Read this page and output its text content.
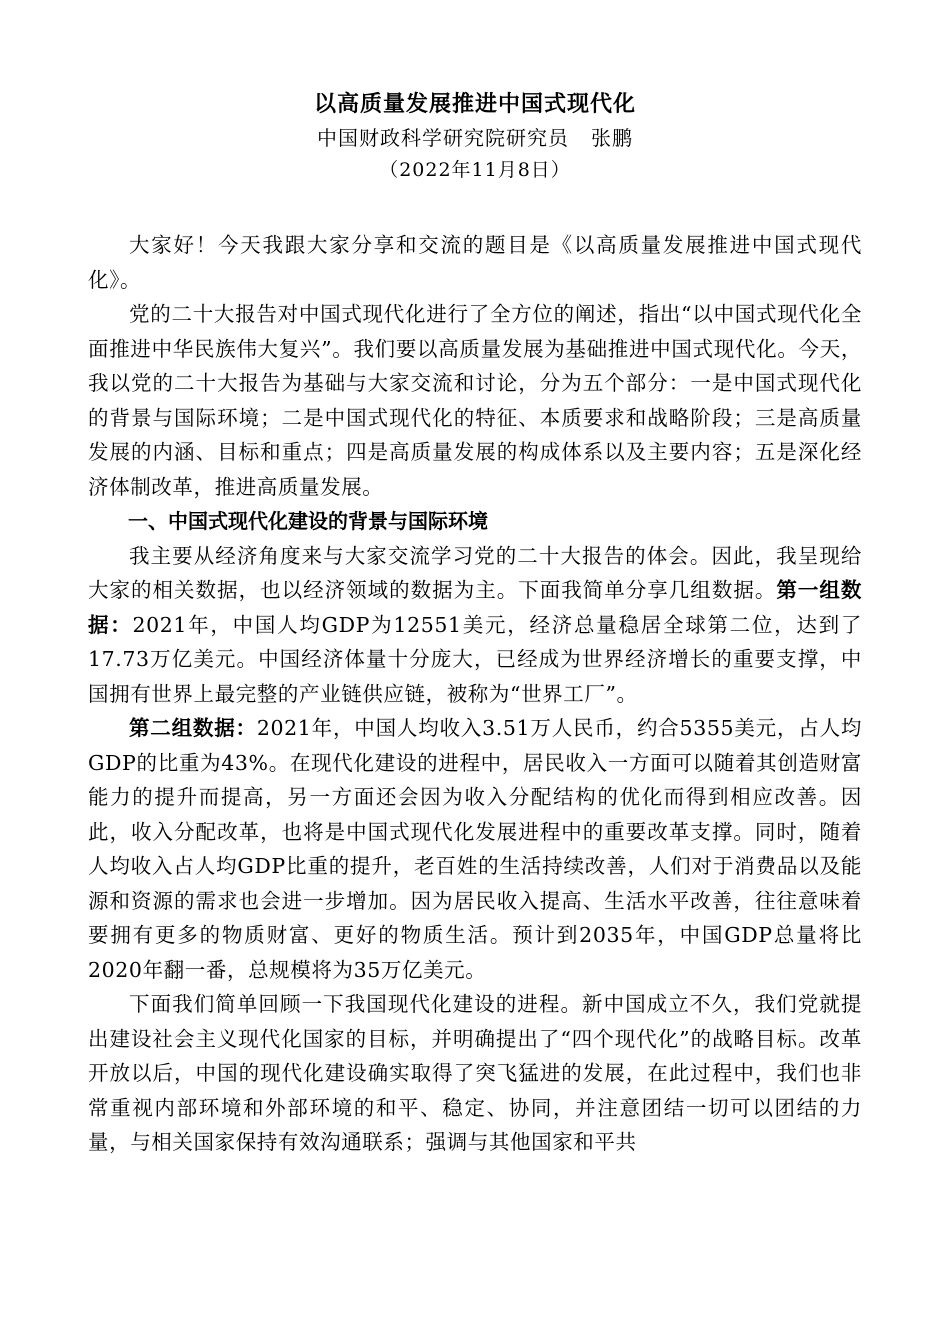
以高质量发展推进中国式现代化

中国财政科学研究院研究员 张鹏

（2022年11月8日）

大家好！今天我跟大家分享和交流的题目是《以高质量发展推进中国式现代化》。

党的二十大报告对中国式现代化进行了全方位的阐述，指出“以中国式现代化全面推进中华民族伟大复兴”。我们要以高质量发展为基础推进中国式现代化。今天，我以党的二十大报告为基础与大家交流和讨论，分为五个部分：一是中国式现代化的背景与国际环境；二是中国式现代化的特征、本质要求和战略阶段；三是高质量发展的内涵、目标和重点；四是高质量发展的构成体系以及主要内容；五是深化经济体制改革，推进高质量发展。

一、中国式现代化建设的背景与国际环境

我主要从经济角度来与大家交流学习党的二十大报告的体会。因此，我呈现给大家的相关数据，也以经济领域的数据为主。下面我简单分享几组数据。第一组数据：2021年，中国人均GDP为12551美元，经济总量稳居全球第二位，达到了17.73万亿美元。中国经济体量十分庞大，已经成为世界经济增长的重要支撑，中国拥有世界上最完整的产业链供应链，被称为“世界工厂”。

第二组数据：2021年，中国人均收入3.51万人民币，约合5355美元，占人均GDP的比重为43%。在现代化建设的进程中，居民收入一方面可以随着其创造财富能力的提升而提高，另一方面还会因为收入分配结构的优化而得到相应改善。因此，收入分配改革，也将是中国式现代化发展进程中的重要改革支撑。同时，随着人均收入占人均GDP比重的提升，老百姓的生活持续改善，人们对于消费品以及能源和资源的需求也会进一步增加。因为居民收入提高、生活水平改善，往往意味着要拥有更多的物质财富、更好的物质生活。预计到2035年，中国GDP总量将比2020年翻一番，总规模将为35万亿美元。

下面我们简单回顾一下我国现代化建设的进程。新中国成立不久，我们党就提出建设社会主义现代化国家的目标，并明确提出了“四个现代化”的战略目标。改革开放以后，中国的现代化建设确实取得了突飞猛进的发展，在此过程中，我们也非常重视内部环境和外部环境的和平、稳定、协同，并注意团结一切可以团结的力量，与相关国家保持有效沟通联系；强调与其他国家和平共
